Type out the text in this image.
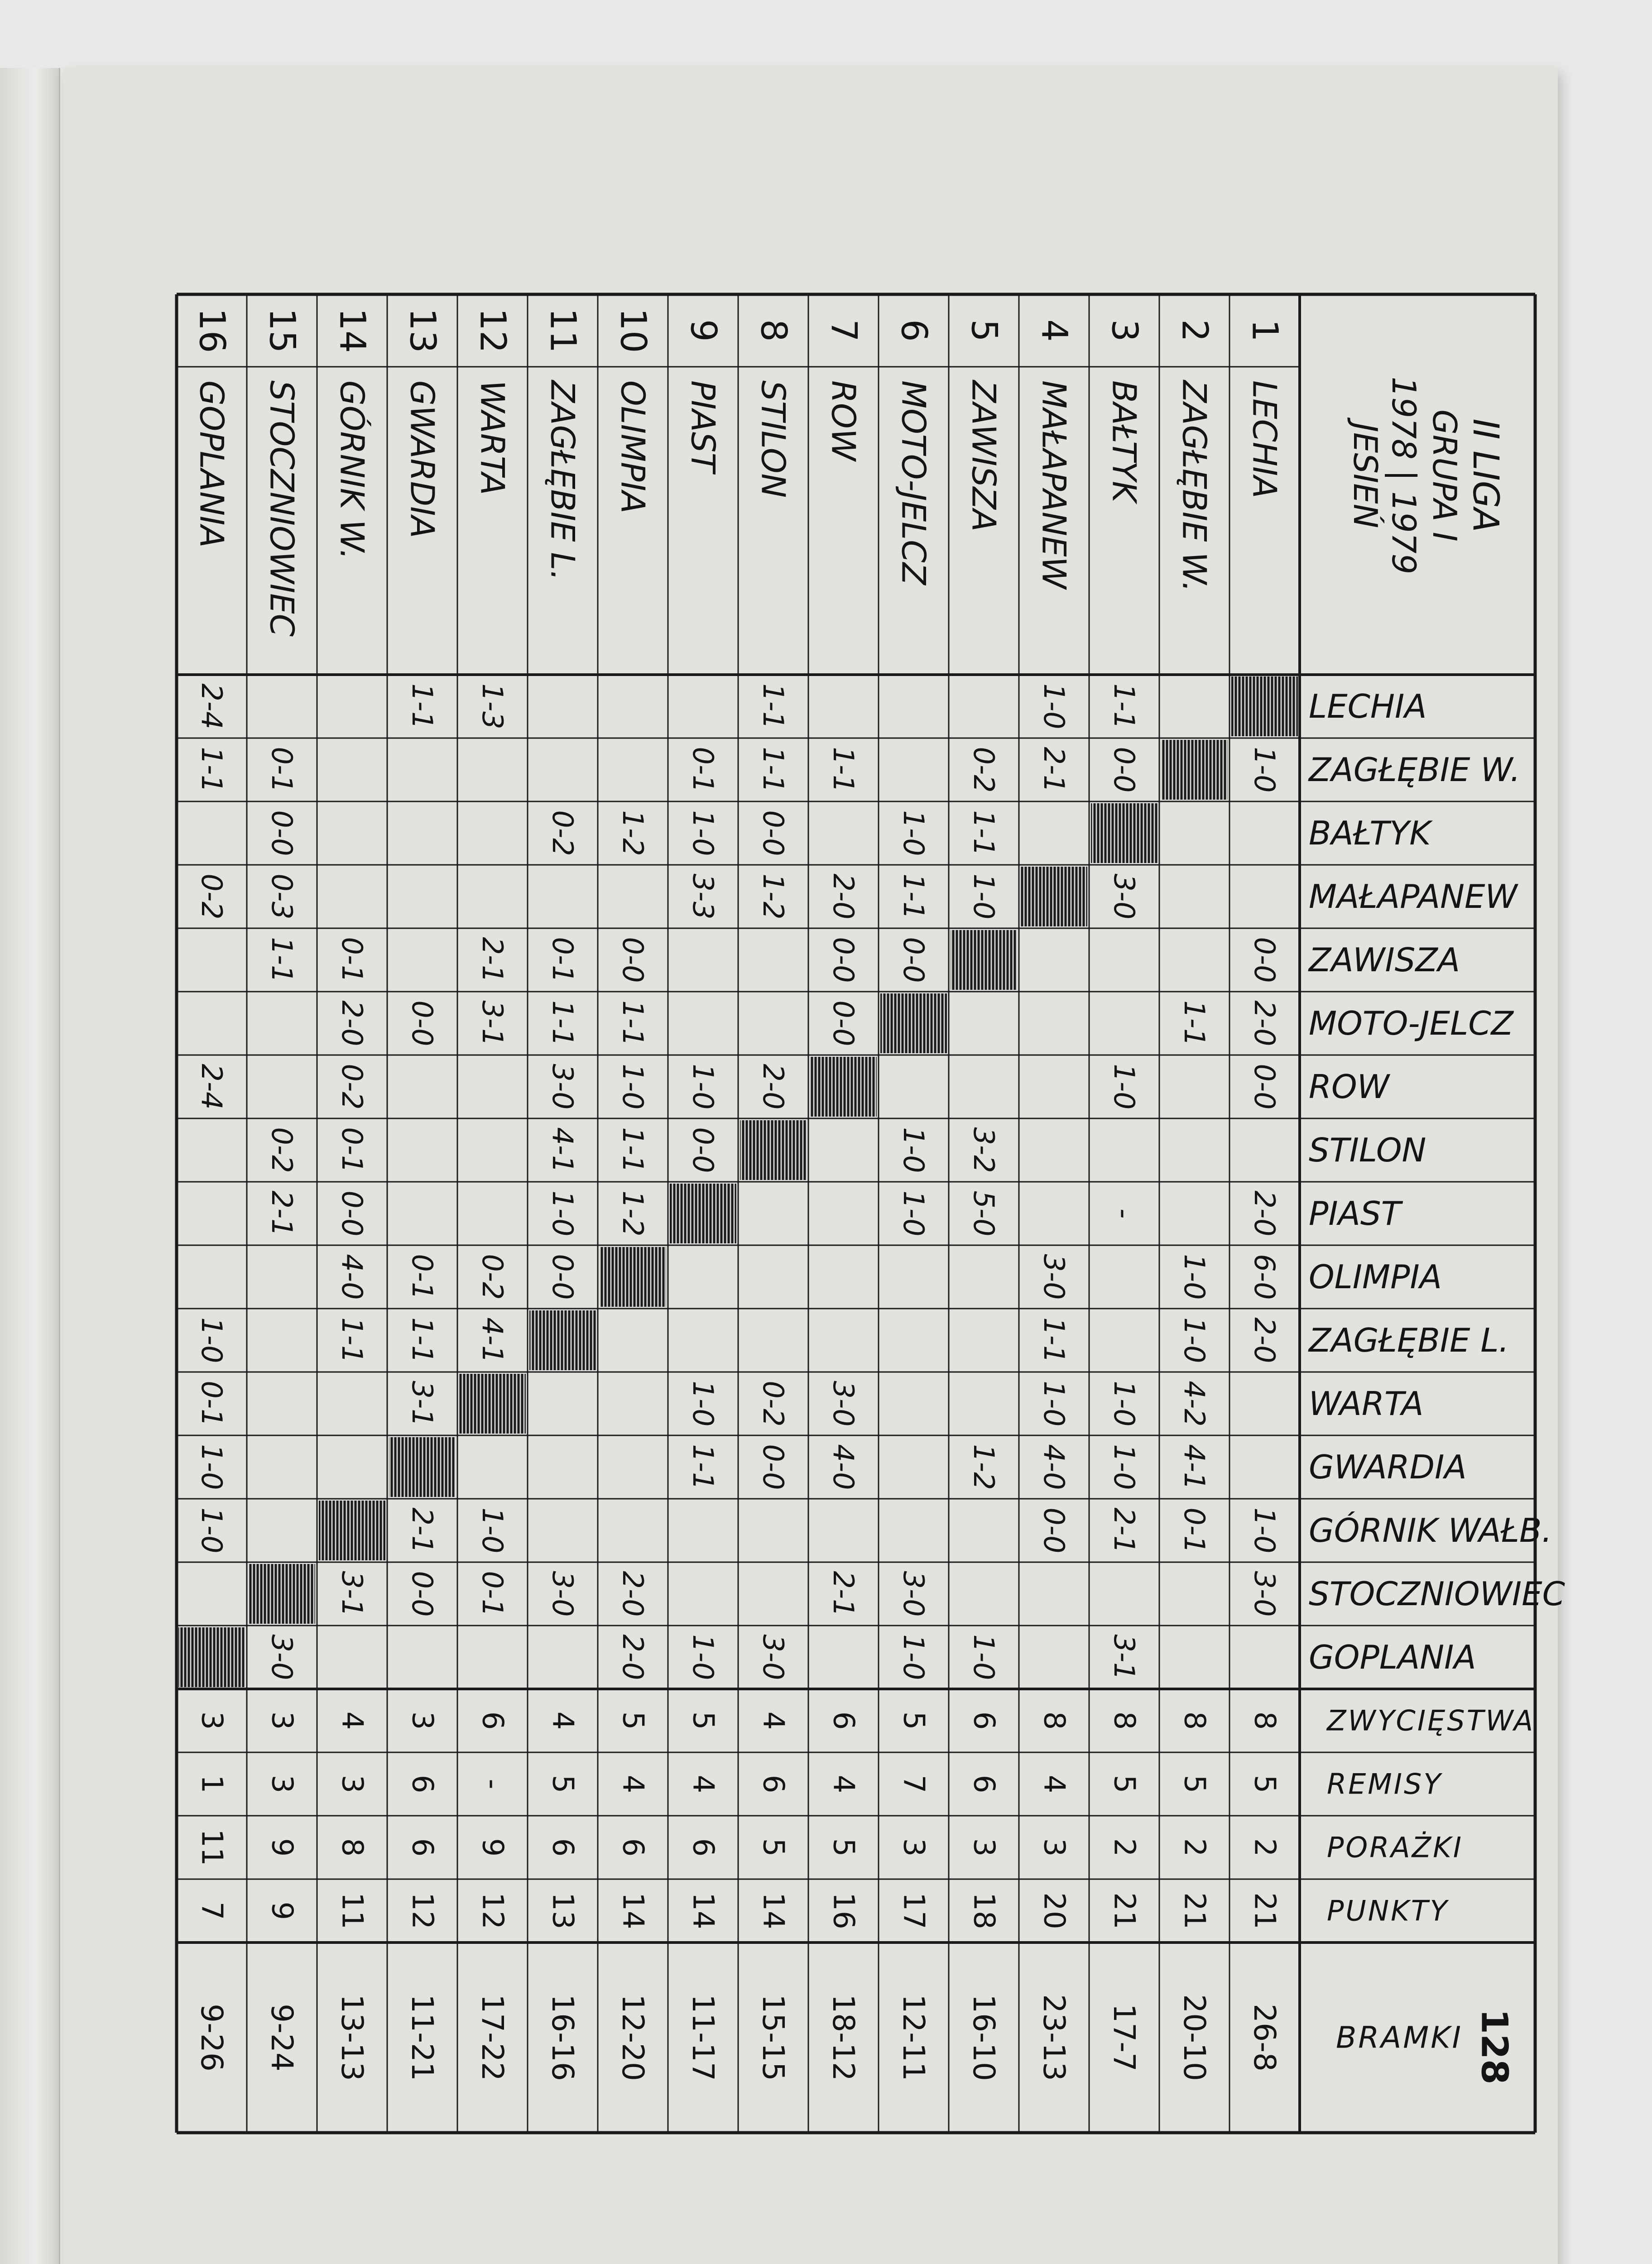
II LIGA
GRUPA I
1978 | 1979
JESIEŃ
1
LECHIA
LECHIA
2
ZAGŁĘBIE W.
ZAGŁĘBIE W.
3
BAŁTYK
BAŁTYK
4
MAŁAPANEW
MAŁAPANEW
5
ZAWISZA
ZAWISZA
6
MOTO-JELCZ
MOTO-JELCZ
7
ROW
ROW
8
STILON
STILON
9
PIAST
PIAST
10
OLIMPIA
OLIMPIA
11
ZAGŁĘBIE L.
ZAGŁĘBIE L.
12
WARTA
WARTA
13
GWARDIA
GWARDIA
14
GÓRNIK W.
GÓRNIK WAŁB.
15
STOCZNIOWIEC
STOCZNIOWIEC
16
GOPLANIA
GOPLANIA
1-0
0-0
2-0
0-0
2-0
6-0
2-0
1-0
3-0
1-1
1-0
1-0
4-2
4-1
0-1
1-1
0-0
3-0
1-0
-
1-0
1-0
2-1
3-1
1-0
2-1
3-0
1-1
1-0
4-0
0-0
0-2
1-1
1-0
3-2
5-0
1-2
1-0
1-0
1-1
0-0
1-0
1-0
3-0
1-0
1-1
2-0
0-0
0-0
3-0
4-0
2-1
1-1
1-1
0-0
1-2
2-0
0-2
0-0
3-0
0-1
1-0
3-3
1-0
0-0
1-0
1-1
1-0
1-2
0-0
1-1
1-0
1-1
1-2
2-0
2-0
0-2
0-1
1-1
3-0
4-1
1-0
0-0
3-0
1-3
2-1
3-1
0-2
4-1
1-0
0-1
1-1
0-0
0-1
1-1
3-1
2-1
0-0
0-1
2-0
0-2
0-1
0-0
4-0
1-1
3-1
0-1
0-0
0-3
1-1
0-2
2-1
3-0
2-4
1-1
0-2
2-4
1-0
0-1
1-0
1-0
ZWYCIĘSTWA
8
8
8
8
6
5
6
4
5
5
4
6
3
4
3
3
REMISY
5
5
5
4
6
7
4
6
4
4
5
-
6
3
3
1
PORAŻKI
2
2
2
3
3
3
5
5
6
6
6
9
6
8
9
11
PUNKTY
21
21
21
20
18
17
16
14
14
14
13
12
12
11
9
7
BRAMKI
26-8
20-10
17-7
23-13
16-10
12-11
18-12
15-15
11-17
12-20
16-16
17-22
11-21
13-13
9-24
9-26	128
